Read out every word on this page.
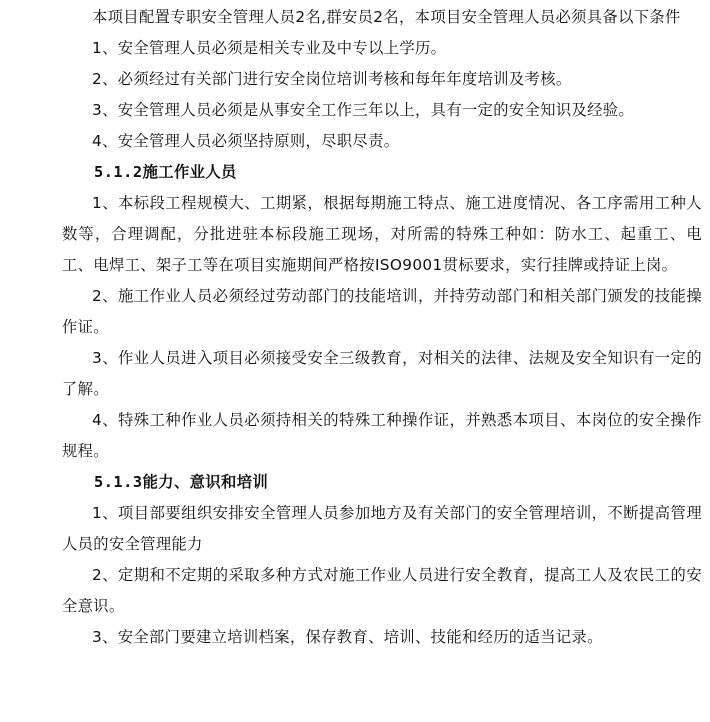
本项目配置专职安全管理人员2名,群安员2名，本项目安全管理人员必须具备以下条件

1、安全管理人员必须是相关专业及中专以上学历。

2、必须经过有关部门进行安全岗位培训考核和每年年度培训及考核。

3、安全管理人员必须是从事安全工作三年以上，具有一定的安全知识及经验。

4、安全管理人员必须坚持原则，尽职尽责。

5.1.2施工作业人员

1、本标段工程规模大、工期紧，根据每期施工特点、施工进度情况、各工序需用工种人数等，合理调配，分批进驻本标段施工现场，对所需的特殊工种如：防水工、起重工、电工、电焊工、架子工等在项目实施期间严格按ISO9001贯标要求，实行挂牌或持证上岗。

2、施工作业人员必须经过劳动部门的技能培训，并持劳动部门和相关部门颁发的技能操作证。

3、作业人员进入项目必须接受安全三级教育，对相关的法律、法规及安全知识有一定的了解。

4、特殊工种作业人员必须持相关的特殊工种操作证，并熟悉本项目、本岗位的安全操作规程。

5.1.3能力、意识和培训

1、项目部要组织安排安全管理人员参加地方及有关部门的安全管理培训，不断提高管理人员的安全管理能力

2、定期和不定期的采取多种方式对施工作业人员进行安全教育，提高工人及农民工的安全意识。

3、安全部门要建立培训档案，保存教育、培训、技能和经历的适当记录。
